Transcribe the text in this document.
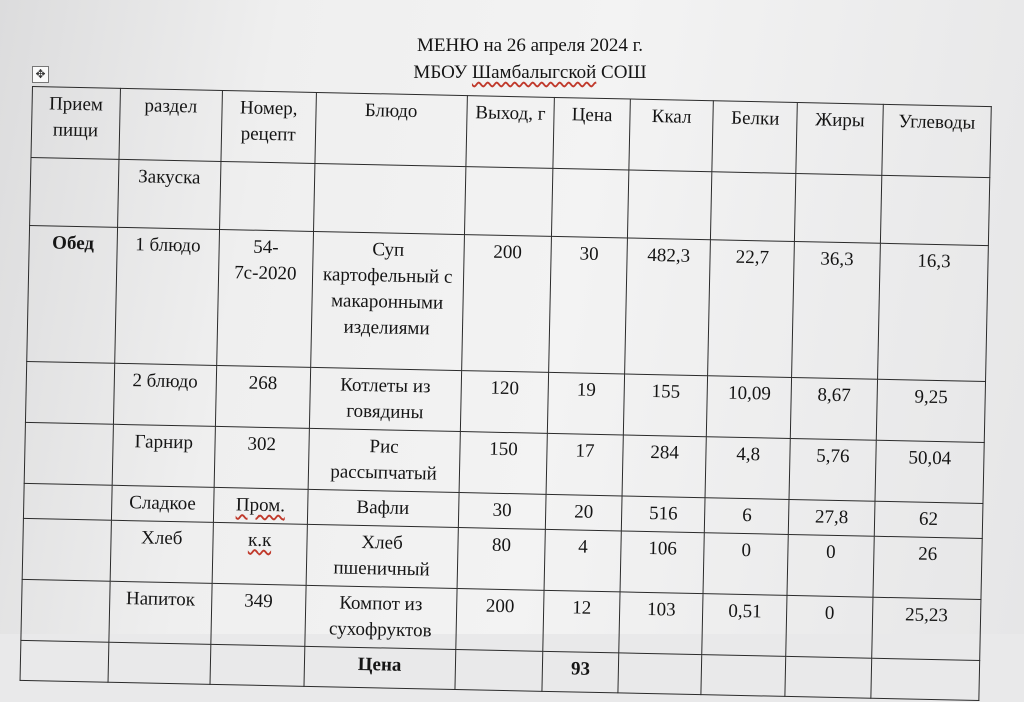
МЕНЮ на 26 апреля 2024 г.
МБОУ Шамбалыгской СОШ
✥
Прием пищи	раздел	Номер, рецепт	Блюдо	Выход, г	Цена	Ккал	Белки	Жиры	Углеводы
	Закуска								
Обед	1 блюдо	54-7с-2020	Суп картофельный с макаронными изделиями	200	30	482,3	22,7	36,3	16,3
	2 блюдо	268	Котлеты из говядины	120	19	155	10,09	8,67	9,25
	Гарнир	302	Рис рассыпчатый	150	17	284	4,8	5,76	50,04
	Сладкое	Пром.	Вафли	30	20	516	6	27,8	62
	Хлеб	к.к	Хлеб пшеничный	80	4	106	0	0	26
	Напиток	349	Компот из сухофруктов	200	12	103	0,51	0	25,23
			Цена		93				
